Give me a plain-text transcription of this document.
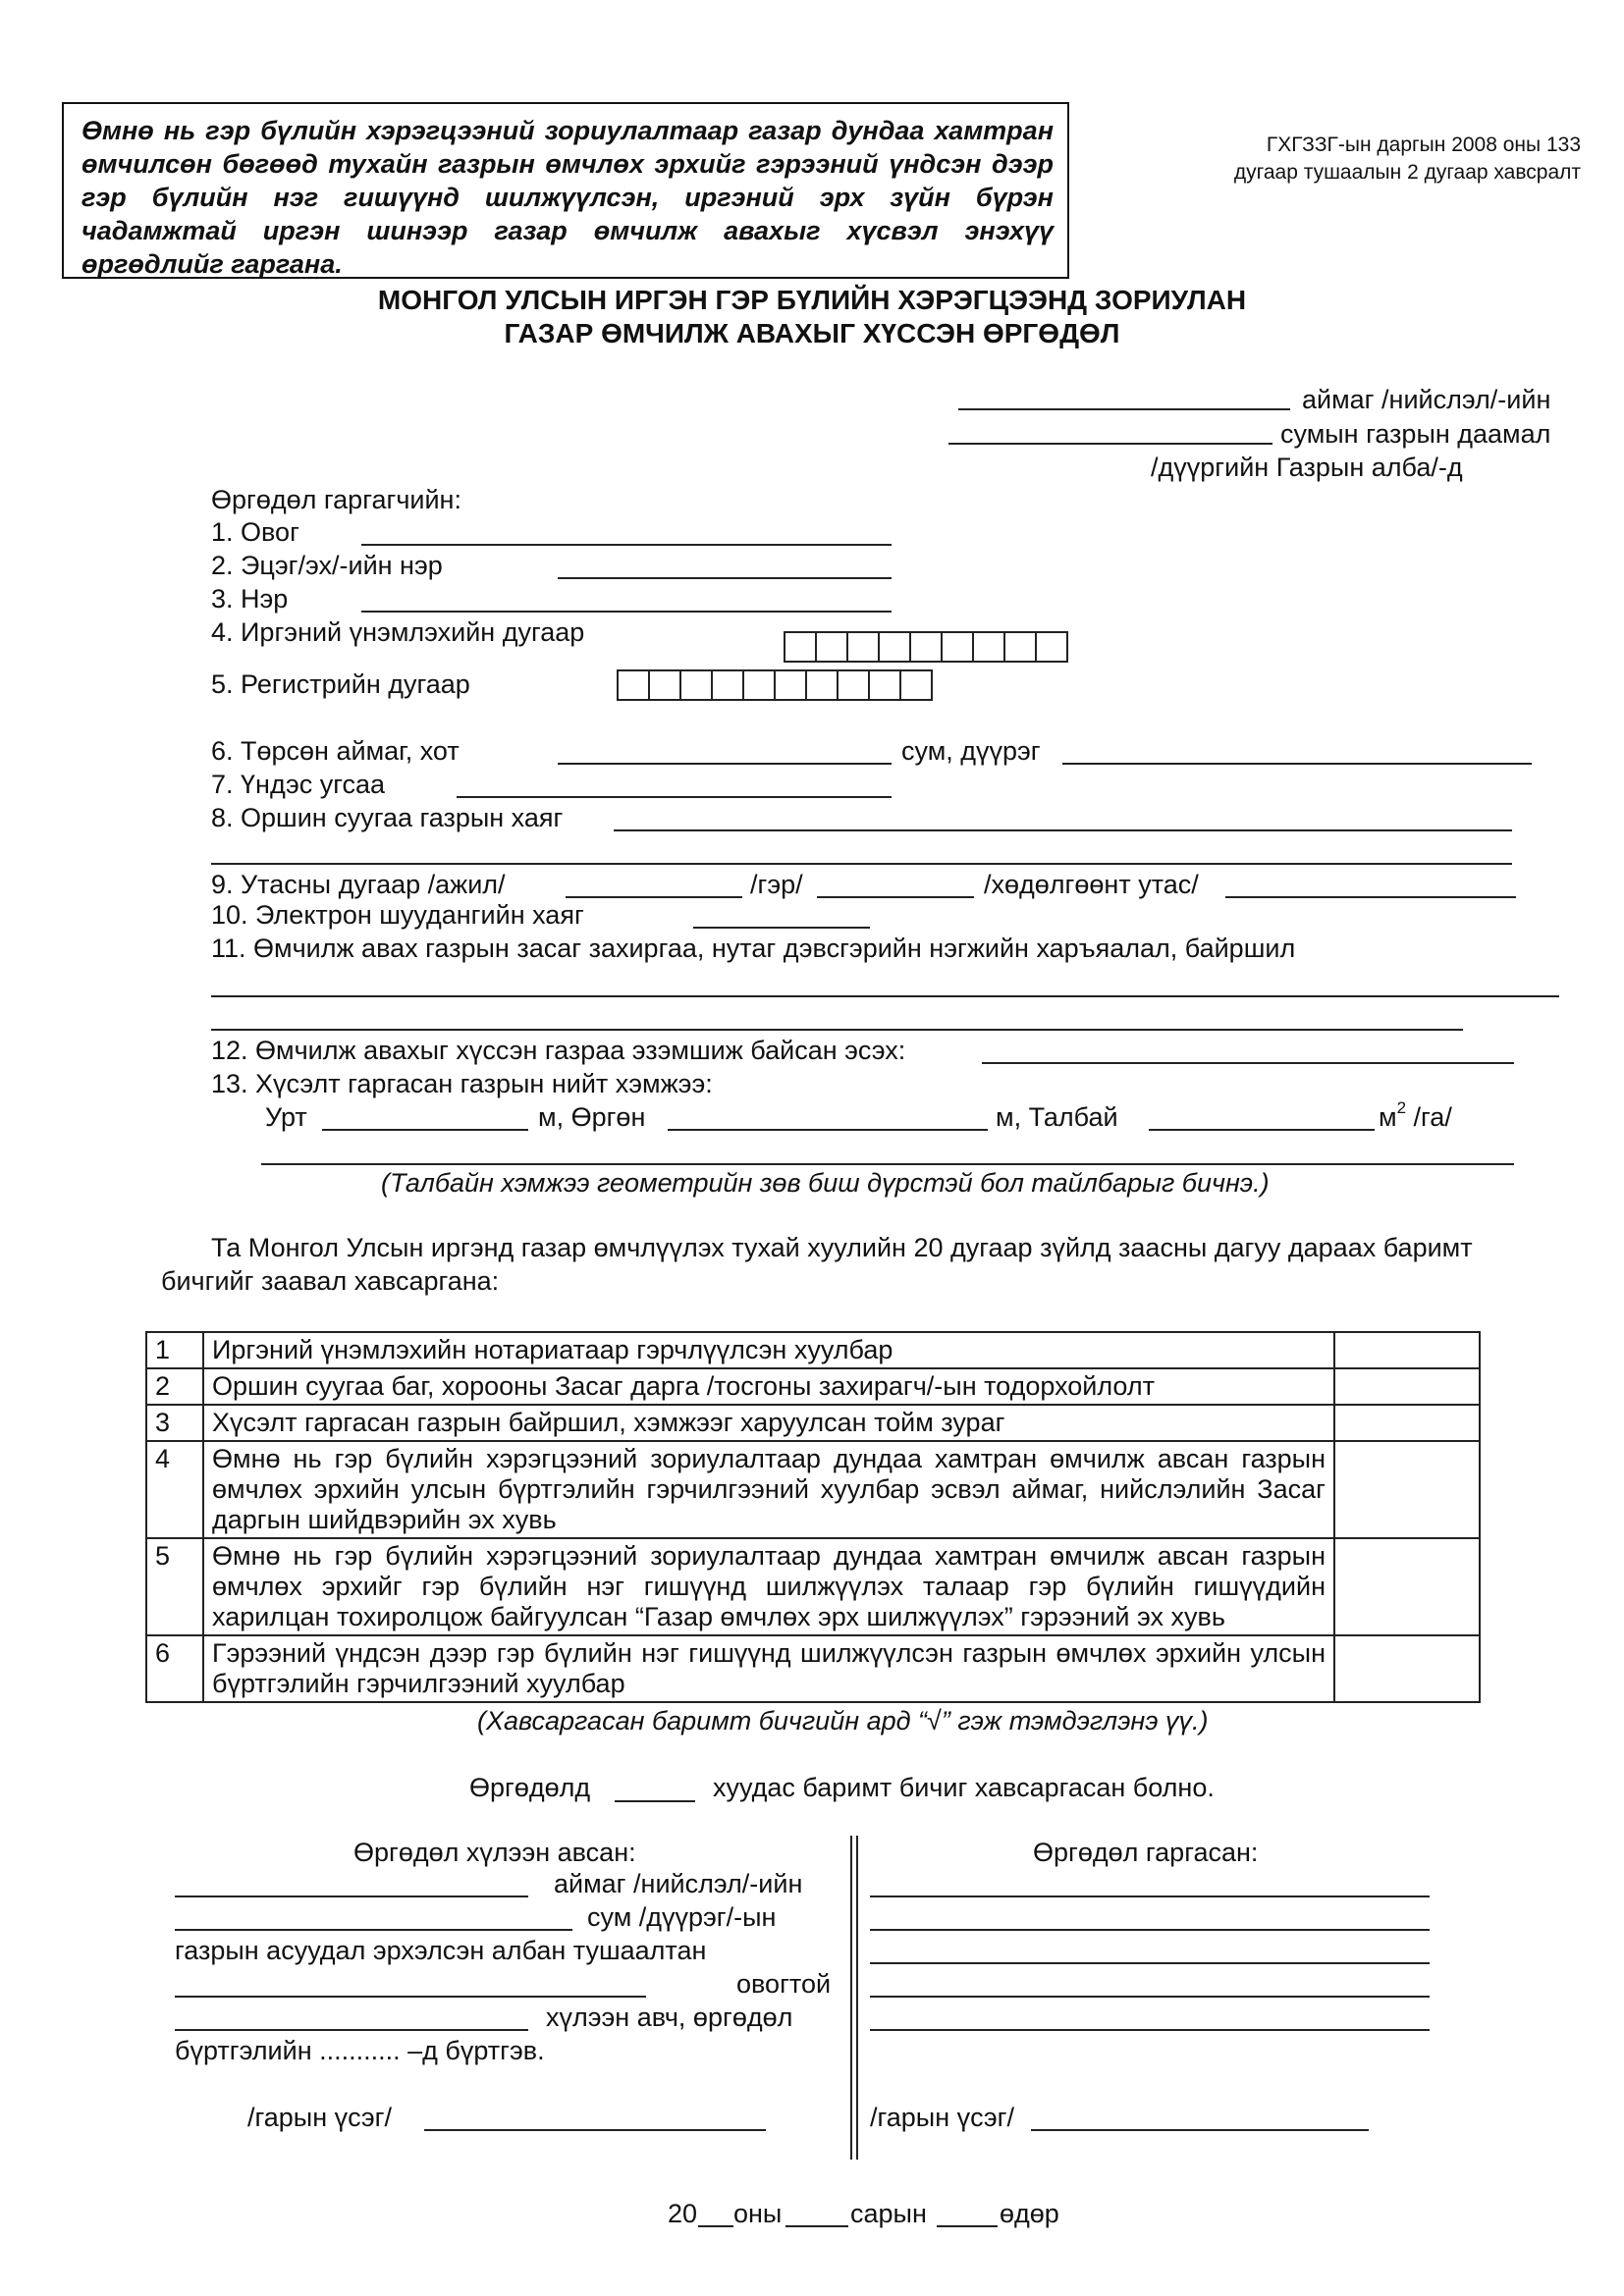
Өмнө нь гэр бүлийн хэрэгцээний зориулалтаар газар дундаа хамтран өмчилсөн бөгөөд тухайн газрын өмчлөх эрхийг гэрээний үндсэн дээр гэр бүлийн нэг гишүүнд шилжүүлсэн, иргэний эрх зүйн бүрэн чадамжтай иргэн шинээр газар өмчилж авахыг хүсвэл энэхүү өргөдлийг гаргана.
ГХГЗЗГ-ын даргын 2008 оны 133
дугаар тушаалын 2 дугаар хавсралт
МОНГОЛ УЛСЫН ИРГЭН ГЭР БҮЛИЙН ХЭРЭГЦЭЭНД ЗОРИУЛАН
ГАЗАР ӨМЧИЛЖ АВАХЫГ ХҮССЭН ӨРГӨДӨЛ
аймаг /нийслэл/-ийн
сумын газрын даамал
/дүүргийн Газрын алба/-д
Өргөдөл гаргагчийн:
1. Овог
2. Эцэг/эх/-ийн нэр
3. Нэр
4. Иргэний үнэмлэхийн дугаар
5. Регистрийн дугаар
6. Төрсөн аймаг, хот	сум, дүүрэг
7. Үндэс угсаа
8. Оршин суугаа газрын хаяг
9. Утасны дугаар /ажил/	/гэр/	/хөдөлгөөнт утас/
10. Электрон шуудангийн хаяг
11. Өмчилж авах газрын засаг захиргаа, нутаг дэвсгэрийн нэгжийн харъяалал, байршил
12. Өмчилж авахыг хүссэн газраа эзэмшиж байсан эсэх:
13. Хүсэлт гаргасан газрын нийт хэмжээ:
Урт	м, Өргөн	м, Талбай	$м^2$ /га/
(Талбайн хэмжээ геометрийн зөв биш дүрстэй бол тайлбарыг бичнэ.)
Та Монгол Улсын иргэнд газар өмчлүүлэх тухай хуулийн 20 дугаар зүйлд заасны дагуу дараах баримт
бичгийг заавал хавсаргана:
1	Иргэний үнэмлэхийн нотариатаар гэрчлүүлсэн хуулбар	
2	Оршин суугаа баг, хорооны Засаг дарга /тосгоны захирагч/-ын тодорхойлолт	
3	Хүсэлт гаргасан газрын байршил, хэмжээг харуулсан тойм зураг	
4	Өмнө нь гэр бүлийн хэрэгцээний зориулалтаар дундаа хамтран өмчилж авсан газрын өмчлөх эрхийн улсын бүртгэлийн гэрчилгээний хуулбар эсвэл аймаг, нийслэлийн Засаг даргын шийдвэрийн эх хувь	
5	Өмнө нь гэр бүлийн хэрэгцээний зориулалтаар дундаа хамтран өмчилж авсан газрын өмчлөх эрхийг гэр бүлийн нэг гишүүнд шилжүүлэх талаар гэр бүлийн гишүүдийн харилцан тохиролцож байгуулсан “Газар өмчлөх эрх шилжүүлэх” гэрээний эх хувь	
6	Гэрээний үндсэн дээр гэр бүлийн нэг гишүүнд шилжүүлсэн газрын өмчлөх эрхийн улсын бүртгэлийн гэрчилгээний хуулбар	
(Хавсаргасан баримт бичгийн ард “√” гэж тэмдэглэнэ үү.)
Өргөдөлд	хуудас баримт бичиг хавсаргасан болно.
Өргөдөл хүлээн авсан:
аймаг /нийслэл/-ийн
сум /дүүрэг/-ын
газрын асуудал эрхэлсэн албан тушаалтан
овогтой
хүлээн авч, өргөдөл
бүртгэлийн ........... –д бүртгэв.
/гарын үсэг/
Өргөдөл гаргасан:
/гарын үсэг/
20 оны	сарын	өдөр
